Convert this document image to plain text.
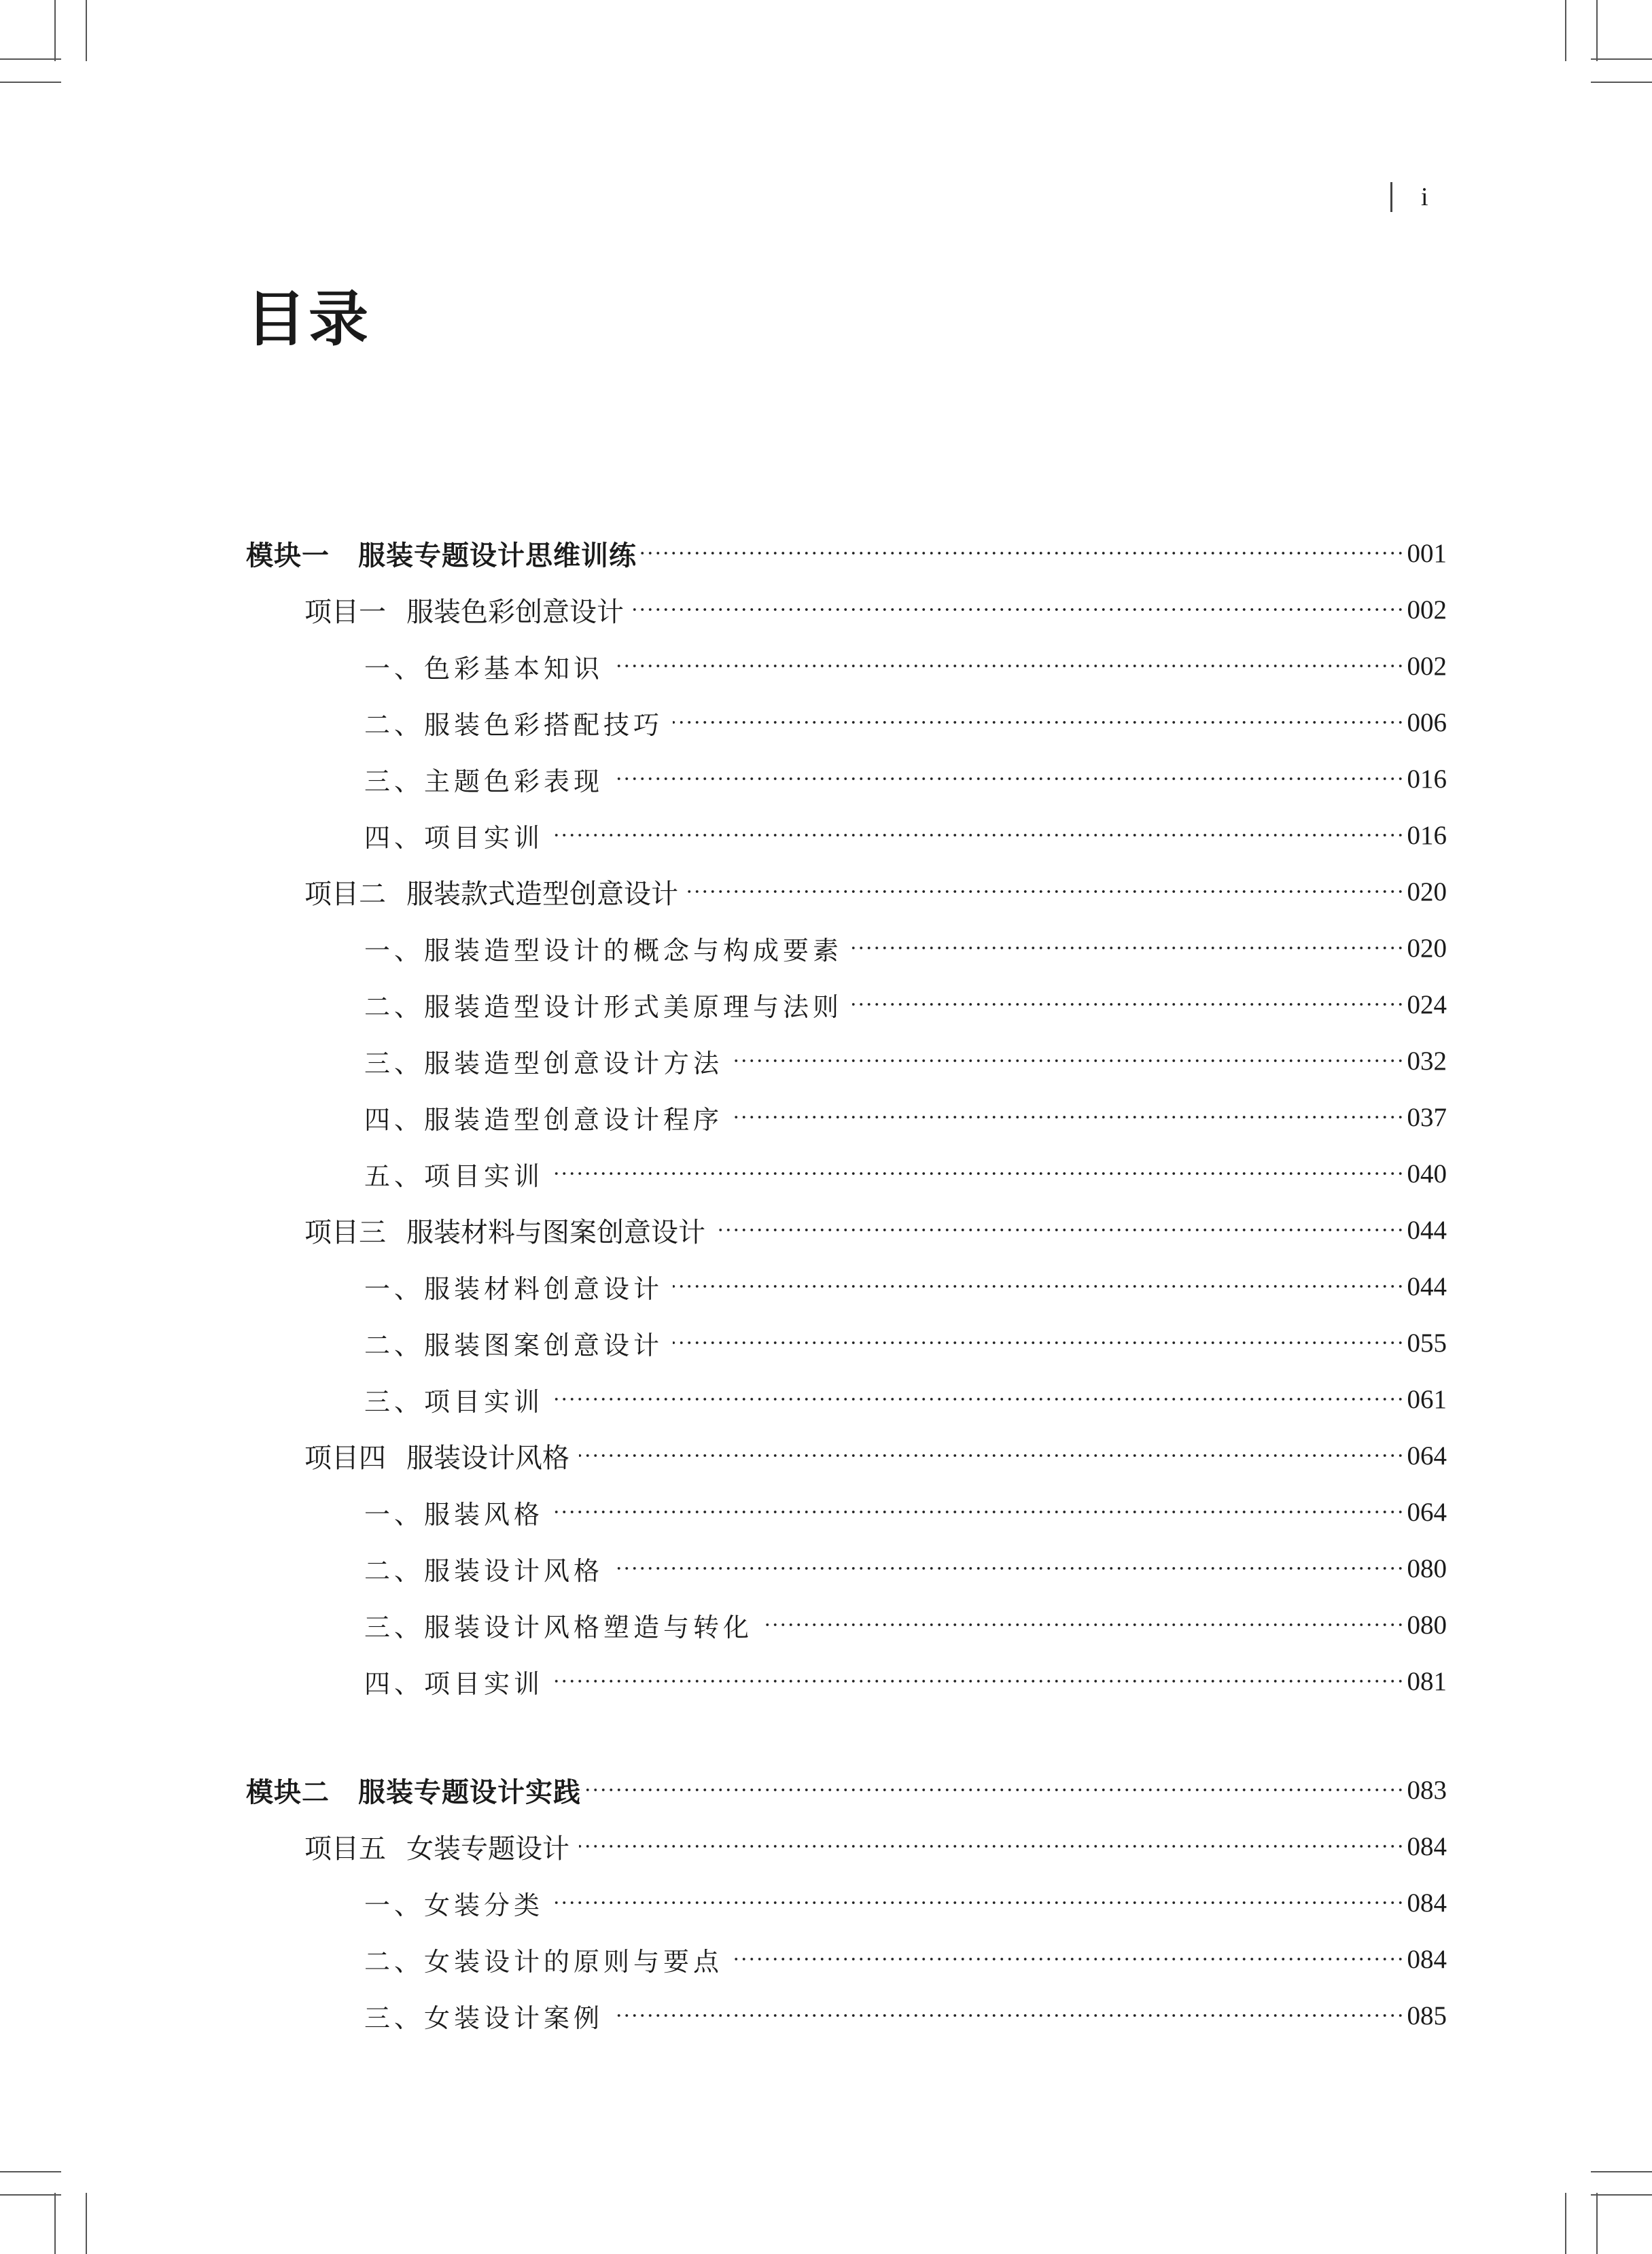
i
目录
模块一 服装专题设计思维训练	001
项目一 服装色彩创意设计	002
一、色彩基本知识	002
二、服装色彩搭配技巧	006
三、主题色彩表现	016
四、项目实训	016
项目二 服装款式造型创意设计	020
一、服装造型设计的概念与构成要素	020
二、服装造型设计形式美原理与法则	024
三、服装造型创意设计方法	032
四、服装造型创意设计程序	037
五、项目实训	040
项目三 服装材料与图案创意设计	044
一、服装材料创意设计	044
二、服装图案创意设计	055
三、项目实训	061
项目四 服装设计风格	064
一、服装风格	064
二、服装设计风格	080
三、服装设计风格塑造与转化	080
四、项目实训	081
模块二 服装专题设计实践	083
项目五 女装专题设计	084
一、女装分类	084
二、女装设计的原则与要点	084
三、女装设计案例	085
